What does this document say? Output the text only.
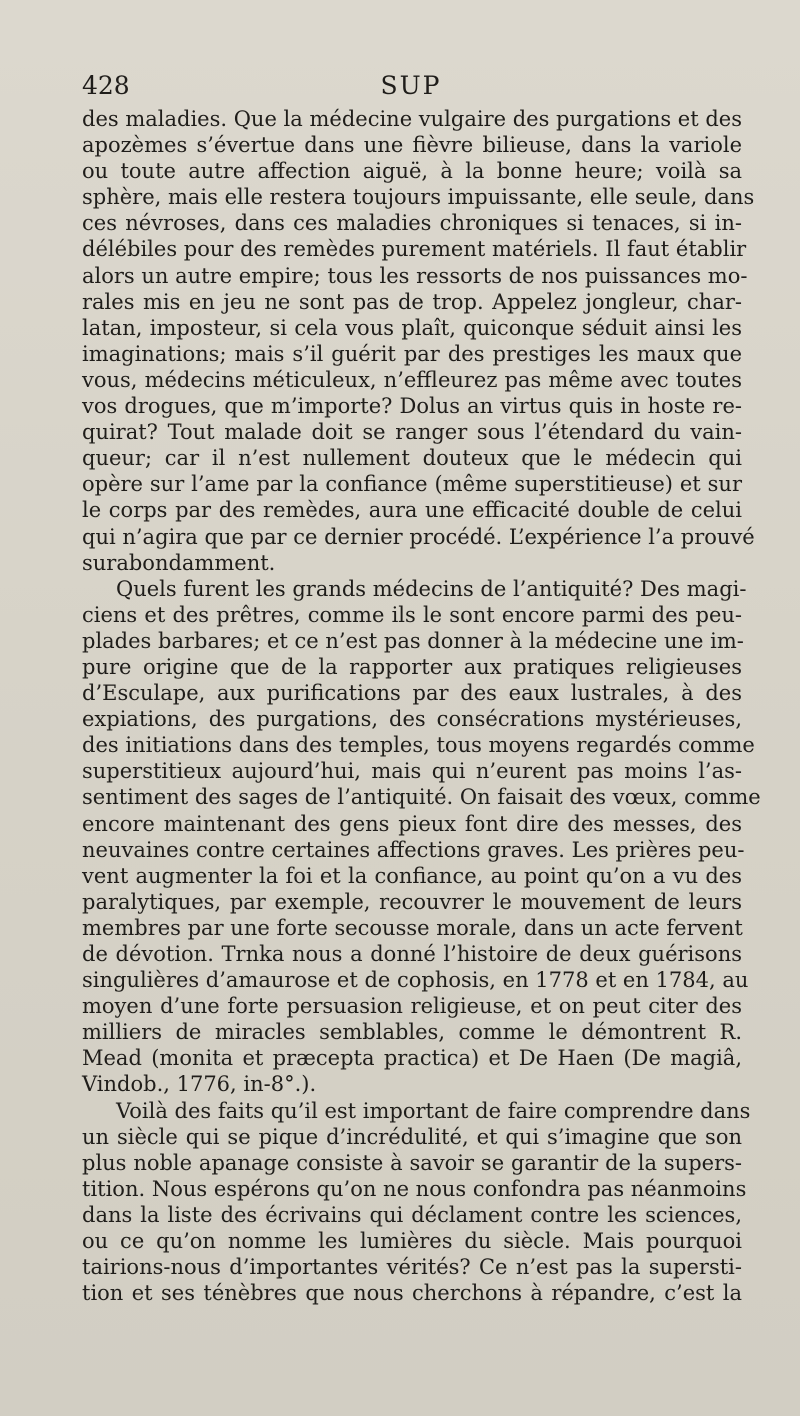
428	SUP
des maladies. Que la médecine vulgaire des purgations et des
apozèmes s’évertue dans une fièvre bilieuse, dans la variole
ou toute autre affection aiguë, à la bonne heure; voilà sa
sphère, mais elle restera toujours impuissante, elle seule, dans
ces névroses, dans ces maladies chroniques si tenaces, si in-
délébiles pour des remèdes purement matériels. Il faut établir
alors un autre empire; tous les ressorts de nos puissances mo-
rales mis en jeu ne sont pas de trop. Appelez jongleur, char-
latan, imposteur, si cela vous plaît, quiconque séduit ainsi les
imaginations; mais s’il guérit par des prestiges les maux que
vous, médecins méticuleux, n’effleurez pas même avec toutes
vos drogues, que m’importe? Dolus an virtus quis in hoste re-
quirat? Tout malade doit se ranger sous l’étendard du vain-
queur; car il n’est nullement douteux que le médecin qui
opère sur l’ame par la confiance (même superstitieuse) et sur
le corps par des remèdes, aura une efficacité double de celui
qui n’agira que par ce dernier procédé. L’expérience l’a prouvé
surabondamment.
Quels furent les grands médecins de l’antiquité? Des magi-
ciens et des prêtres, comme ils le sont encore parmi des peu-
plades barbares; et ce n’est pas donner à la médecine une im-
pure origine que de la rapporter aux pratiques religieuses
d’Esculape, aux purifications par des eaux lustrales, à des
expiations, des purgations, des consécrations mystérieuses,
des initiations dans des temples, tous moyens regardés comme
superstitieux aujourd’hui, mais qui n’eurent pas moins l’as-
sentiment des sages de l’antiquité. On faisait des vœux, comme
encore maintenant des gens pieux font dire des messes, des
neuvaines contre certaines affections graves. Les prières peu-
vent augmenter la foi et la confiance, au point qu’on a vu des
paralytiques, par exemple, recouvrer le mouvement de leurs
membres par une forte secousse morale, dans un acte fervent
de dévotion. Trnka nous a donné l’histoire de deux guérisons
singulières d’amaurose et de cophosis, en 1778 et en 1784, au
moyen d’une forte persuasion religieuse, et on peut citer des
milliers de miracles semblables, comme le démontrent R.
Mead (monita et præcepta practica) et De Haen (De magiâ,
Vindob., 1776, in-8°.).
Voilà des faits qu’il est important de faire comprendre dans
un siècle qui se pique d’incrédulité, et qui s’imagine que son
plus noble apanage consiste à savoir se garantir de la supers-
tition. Nous espérons qu’on ne nous confondra pas néanmoins
dans la liste des écrivains qui déclament contre les sciences,
ou ce qu’on nomme les lumières du siècle. Mais pourquoi
tairions-nous d’importantes vérités? Ce n’est pas la supersti-
tion et ses ténèbres que nous cherchons à répandre, c’est la
